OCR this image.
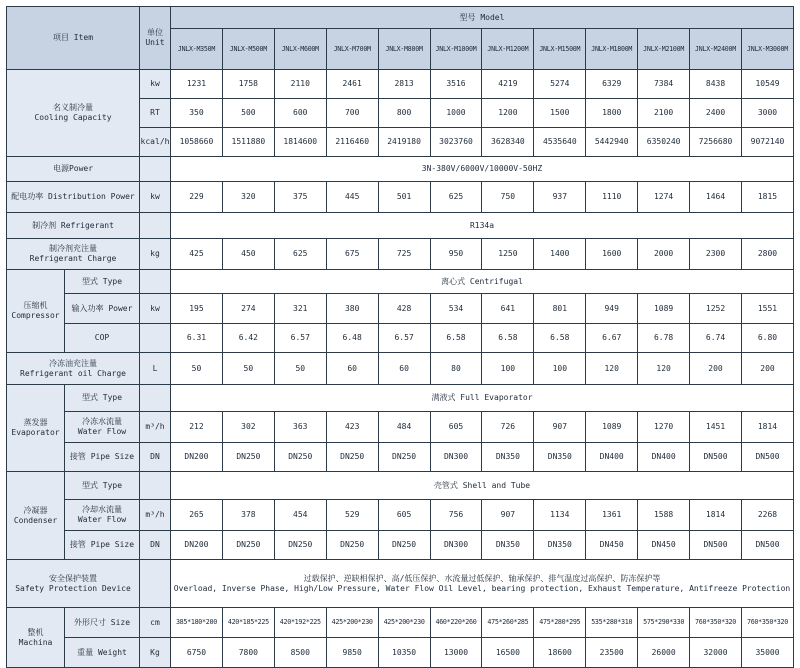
项目 Item		单位
Unit	型号 Model											
			JNLX-M350M	JNLX-M500M	JNLX-M600M	JNLX-M700M	JNLX-M800M	JNLX-M1000M	JNLX-M1200M	JNLX-M1500M	JNLX-M1800M	JNLX-M2100M	JNLX-M2400M	JNLX-M3000M

名义制冷量
Cooling Capacity		kw	1231	1758	2110	2461	2813	3516	4219	5274	6329	7384	8438	10549
		RT	350	500	600	700	800	1000	1200	1500	1800	2100	2400	3000
		kcal/h	1058660	1511880	1814600	2116460	2419180	3023760	3628340	4535640	5442940	6350240	7256680	9072140
电源Power			3N-380V/6000V/10000V-50HZ											
配电功率 Distribution Power		kw	229	320	375	445	501	625	750	937	1110	1274	1464	1815
制冷剂 Refrigerant			R134a											

制冷剂充注量
Refrigerant Charge		kg	425	450	625	675	725	950	1250	1400	1600	2000	2300	2800

压缩机
Compressor	型式 Type		离心式 Centrifugal											
	输入功率 Power	kw	195	274	321	380	428	534	641	801	949	1089	1252	1551
	COP		6.31	6.42	6.57	6.48	6.57	6.58	6.58	6.58	6.67	6.78	6.74	6.80

冷冻油充注量
Refrigerant oil Charge		L	50	50	50	60	60	80	100	100	120	120	200	200

蒸发器
Evaporator	型式 Type		满液式 Full Evaporator											

	冷冻水流量
Water Flow	m³/h	212	302	363	423	484	605	726	907	1089	1270	1451	1814
	接管 Pipe Size	DN	DN200	DN250	DN250	DN250	DN250	DN300	DN350	DN350	DN400	DN400	DN500	DN500

冷凝器
Condenser	型式 Type		壳管式 Shell and Tube											

	冷却水流量
Water Flow	m³/h	265	378	454	529	605	756	907	1134	1361	1588	1814	2268
	接管 Pipe Size	DN	DN200	DN250	DN250	DN250	DN250	DN300	DN350	DN350	DN450	DN450	DN500	DN500

安全保护装置
Safety Protection Device			过载保护、逆缺相保护、高/低压保护、水流量过低保护、轴承保护、排气温度过高保护、防冻保护等
Overload, Inverse Phase, High/Low Pressure, Water Flow Oil Level, bearing protection, Exhaust Temperature, Antifreeze Protection											

整机
Machina	外形尺寸 Size	cm	385*180*200	420*185*225	420*192*225	425*200*230	425*200*230	460*220*260	475*260*285	475*280*295	535*280*310	575*290*330	760*350*320	760*350*320
	重量 Weight	Kg	6750	7800	8500	9850	10350	13000	16500	18600	23500	26000	32000	35000
